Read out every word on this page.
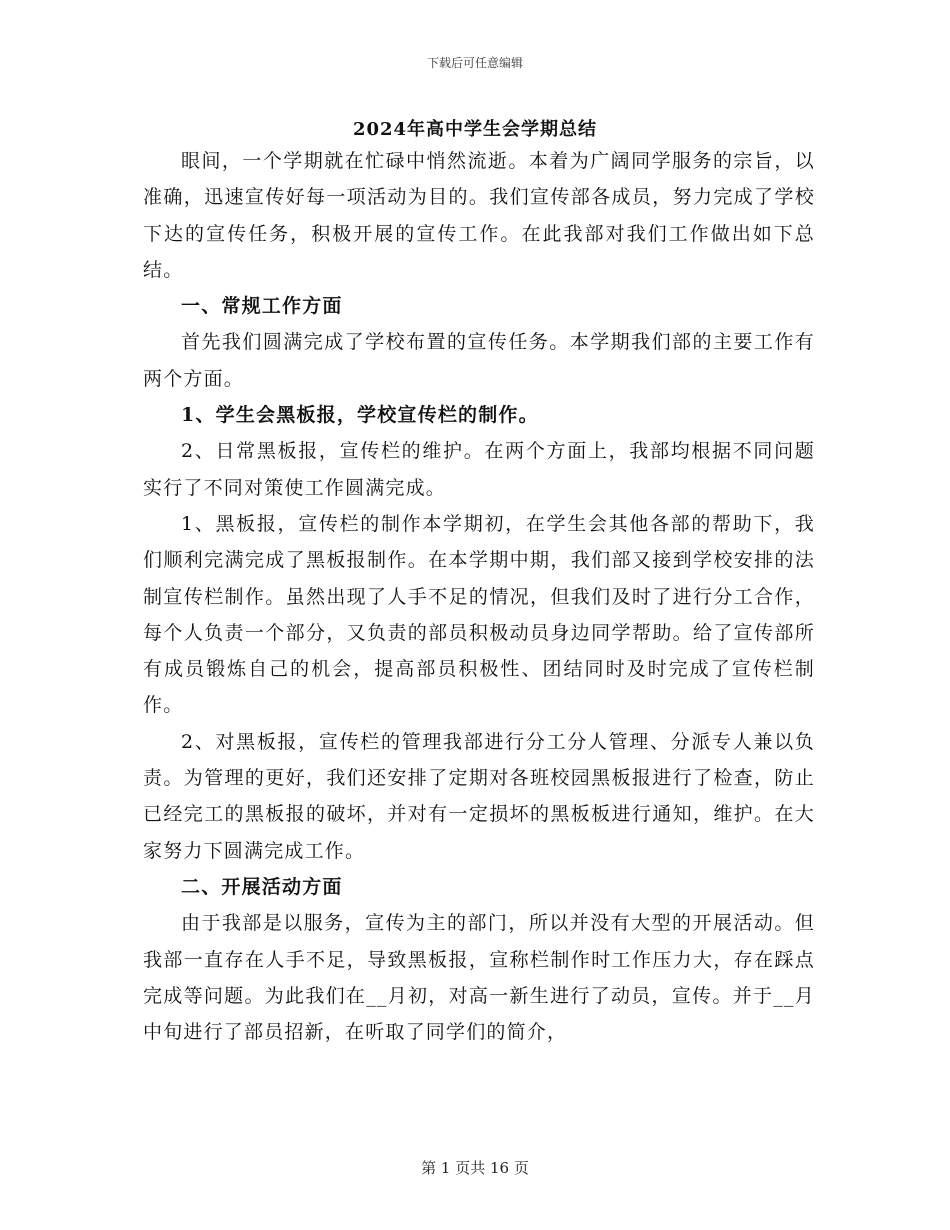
下载后可任意编辑
2024年高中学生会学期总结

眼间，一个学期就在忙碌中悄然流逝。本着为广阔同学服务的宗旨，以准确，迅速宣传好每一项活动为目的。我们宣传部各成员，努力完成了学校下达的宣传任务，积极开展的宣传工作。在此我部对我们工作做出如下总结。

一、常规工作方面

首先我们圆满完成了学校布置的宣传任务。本学期我们部的主要工作有两个方面。

1、学生会黑板报，学校宣传栏的制作。

2、日常黑板报，宣传栏的维护。在两个方面上，我部均根据不同问题实行了不同对策使工作圆满完成。

1、黑板报，宣传栏的制作本学期初，在学生会其他各部的帮助下，我们顺利完满完成了黑板报制作。在本学期中期，我们部又接到学校安排的法制宣传栏制作。虽然出现了人手不足的情况，但我们及时了进行分工合作，每个人负责一个部分，又负责的部员积极动员身边同学帮助。给了宣传部所有成员锻炼自己的机会，提高部员积极性、团结同时及时完成了宣传栏制作。

2、对黑板报，宣传栏的管理我部进行分工分人管理、分派专人兼以负责。为管理的更好，我们还安排了定期对各班校园黑板报进行了检查，防止已经完工的黑板报的破坏，并对有一定损坏的黑板板进行通知，维护。在大家努力下圆满完成工作。

二、开展活动方面

由于我部是以服务，宣传为主的部门，所以并没有大型的开展活动。但我部一直存在人手不足，导致黑板报，宣称栏制作时工作压力大，存在踩点完成等问题。为此我们在__月初，对高一新生进行了动员，宣传。并于__月中旬进行了部员招新，在听取了同学们的简介，

第 1 页共 16 页
